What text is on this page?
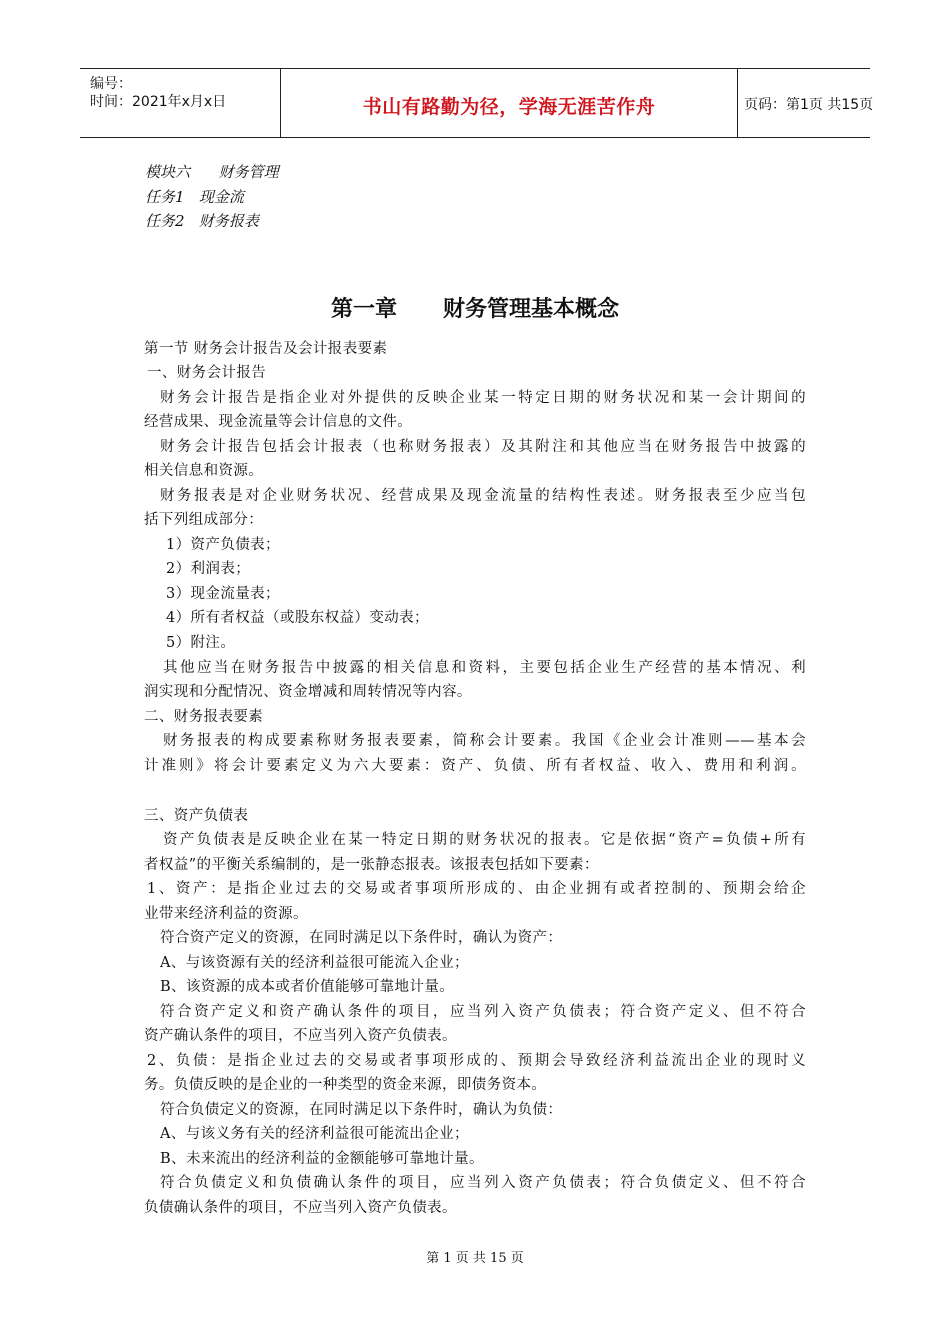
编号：
时间：2021年x月x日	书山有路勤为径，学海无涯苦作舟	页码：第1页 共15页
模块六      财务管理
任务1   现金流
任务2   财务报表
第一章      财务管理基本概念
第一节 财务会计报告及会计报表要素
一、财务会计报告
财务会计报告是指企业对外提供的反映企业某一特定日期的财务状况和某一会计期间的
经营成果、现金流量等会计信息的文件。
财务会计报告包括会计报表（也称财务报表）及其附注和其他应当在财务报告中披露的
相关信息和资源。
财务报表是对企业财务状况、经营成果及现金流量的结构性表述。财务报表至少应当包
括下列组成部分：
1）资产负债表；
2）利润表；
3）现金流量表；
4）所有者权益（或股东权益）变动表；
5）附注。
其他应当在财务报告中披露的相关信息和资料，主要包括企业生产经营的基本情况、利
润实现和分配情况、资金增减和周转情况等内容。
二、财务报表要素
财务报表的构成要素称财务报表要素，简称会计要素。我国《企业会计准则——基本会
计准则》将会计要素定义为六大要素：资产、负债、所有者权益、收入、费用和利润。
三、资产负债表
资产负债表是反映企业在某一特定日期的财务状况的报表。它是依据“资产=负债+所有
者权益”的平衡关系编制的，是一张静态报表。该报表包括如下要素：
1、资产：是指企业过去的交易或者事项所形成的、由企业拥有或者控制的、预期会给企
业带来经济利益的资源。
符合资产定义的资源，在同时满足以下条件时，确认为资产：
A、与该资源有关的经济利益很可能流入企业；
B、该资源的成本或者价值能够可靠地计量。
符合资产定义和资产确认条件的项目，应当列入资产负债表；符合资产定义、但不符合
资产确认条件的项目，不应当列入资产负债表。
2、负债：是指企业过去的交易或者事项形成的、预期会导致经济利益流出企业的现时义
务。负债反映的是企业的一种类型的资金来源，即债务资本。
符合负债定义的资源，在同时满足以下条件时，确认为负债：
A、与该义务有关的经济利益很可能流出企业；
B、未来流出的经济利益的金额能够可靠地计量。
符合负债定义和负债确认条件的项目，应当列入资产负债表；符合负债定义、但不符合
负债确认条件的项目，不应当列入资产负债表。
第 1 页 共 15 页
